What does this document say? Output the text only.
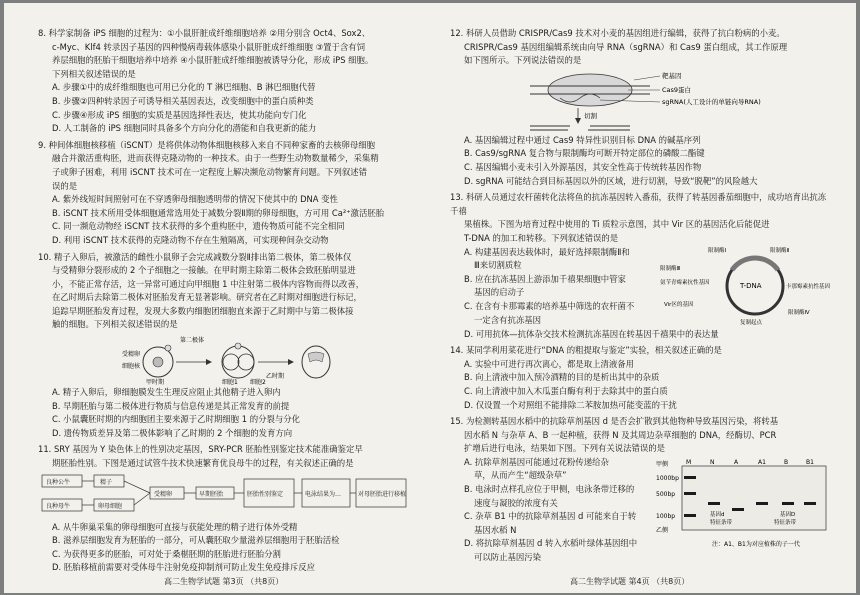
8. 科学家制备 iPS 细胞的过程为：①小鼠肝脏成纤维细胞培养 ②用分别含 Oct4、Sox2、

c-Myc、Klf4 转录因子基因的四种慢病毒载体感染小鼠肝脏成纤维细胞 ③置于含有饲

养层细胞的胚胎干细胞培养中培养 ④小鼠肝脏成纤维细胞被诱导分化，形成 iPS 细胞。

下列相关叙述错误的是

A. 步骤①中的成纤维细胞也可用已分化的 T 淋巴细胞、B 淋巴细胞代替

B. 步骤②四种转录因子可诱导相关基因表达，改变细胞中的蛋白质种类

C. 步骤④形成 iPS 细胞的实质是基因选择性表达，使其功能向专门化

D. 人工制备的 iPS 细胞同时具备多个方向分化的潜能和自我更新的能力

9. 种间体细胞核移植（iSCNT）是将供体动物体细胞核移入来自不同种家畜的去核卵母细胞

融合并激活重构胚，进而获得克隆动物的一种技术。由于一些野生动物数量稀少，采集精

子或卵子困难，利用 iSCNT 技术可在一定程度上解决濒危动物繁育问题。下列叙述错

误的是

A. 紫外线短时间照射可在不穿透卵母细胞透明带的情况下使其中的 DNA 变性

B. iSCNT 技术所用受体细胞通常选用处于减数分裂Ⅱ期的卵母细胞，方可用 Ca²⁺激活胚胎

C. 同一濒危动物经 iSCNT 技术获得的多个重构胚中，遗传物质可能不完全相同

D. 利用 iSCNT 技术获得的克隆动物不存在生殖隔离，可实现种间杂交动物

10. 精子入卵后，被激活的雌性小鼠卵子会完成减数分裂Ⅱ排出第二极体，第二极体仅

与受精卵分裂形成的 2 个子细胞之一接触。在甲时期主除第二极体会致胚胎明显进

小，不能正常存活，这一异常可通过向甲细胞 1 中注射第二极体内容物而得以改善，

在乙时期后去除第二极体对胚胎发育无显著影响。研究者在乙时期对细胞进行标记，

追踪早期胚胎发育过程，发现大多数内细胞团细胞直来源于乙时期中与第二极体接

触的细胞。下列相关叙述错误的是

第二极体
受精卵
细胞核
细胞1 细胞2
甲时期
乙时期

A. 精子入卵后，卵细胞膜发生生理反应阻止其他精子进入卵内

B. 早期胚胎与第二极体进行物质与信息传递是其正常发育的前提

C. 小鼠囊胚时期的内细胞团主要来源于乙时期细胞 1 的分裂与分化

D. 遗传物质差异及第二极体影响了乙时期的 2 个细胞的发育方向

11. SRY 基因为 Y 染色体上的性别决定基因，SRY-PCR 胚胎性别鉴定技术能准确鉴定早

期胚胎性别。下图是通过试管牛技术快速繁育优良母牛的过程，有关叙述正确的是

良种公牛	精子
良种母牛	卵母细胞
受精卵	早期胚胎	胚胎性别鉴定	电泳结果为…	对母胚胎进行移植

A. 从牛卵巢采集的卵母细胞可直接与获能处理的精子进行体外受精

B. 滋养层细胞发育为胚胎的一部分，可从囊胚取少量滋养层细胞用于胚胎活检

C. 为获得更多的胚胎，可对处于桑椹胚期的胚胎进行胚胎分割

D. 胚胎移植前需要对受体母牛注射免疫抑制剂可防止发生免疫排斥反应

高二生物学试题 第3页 （共8页）

12. 科研人员借助 CRISPR/Cas9 技术对小麦的基因组进行编辑，获得了抗白粉病的小麦。

CRISPR/Cas9 基因组编辑系统由向导 RNA（sgRNA）和 Cas9 蛋白组成，其工作原理

如下图所示。下列说法错误的是

靶基因
Cas9蛋白
sgRNA(人工设计的单链向导RNA)
切割

A. 基因编辑过程中通过 Cas9 特异性识别目标 DNA 的碱基序列

B. Cas9/sgRNA 复合物与限制酶均可断开特定部位的磷酸二酯键

C. 基因编辑小麦未引入外源基因，其安全性高于传统转基因作物

D. sgRNA 可能结合到目标基因以外的区域，进行切割，导致“脱靶”的风险越大

13. 科研人员通过农杆菌转化法将鱼的抗冻基因转入番茄，获得了转基因番茄细胞中，成功培育出抗冻千禧

果植株。下图为培育过程中使用的 Ti 质粒示意图，其中 Vir 区的基因活化后能促进

T-DNA 的加工和转移。下列叙述错误的是

A. 构建基因表达载体时，最好选择限制酶Ⅱ和

Ⅲ来切割质粒

B. 应在抗冻基因上游添加千禧果细胞中管家

基因的启动子

C. 在含有卡那霉素的培养基中筛选的农杆菌不

一定含有抗冻基因

T-DNA
限制酶Ⅰ	限制酶Ⅱ
限制酶Ⅲ
限制酶Ⅳ
氨苄青霉素抗性基因
Vir区的基因
卡那霉素抗性基因
复制起点

D. 可用抗体—抗体杂交技术检测抗冻基因在转基因千禧果中的表达量

14. 某同学利用菜花进行“DNA 的粗提取与鉴定”实验，相关叙述正确的是

A. 实验中可进行再次离心，都是取上清液备用

B. 向上清液中加入预冷酒精的目的是析出其中的杂质

C. 向上清液中加入木瓜蛋白酶有利于去除其中的蛋白质

D. 仅设置一个对照组不能排除二苯胺加热可能变蓝的干扰

15. 为检测转基因水稻中的抗除草剂基因 d 是否会扩散到其他物种导致基因污染，将转基

因水稻 N 与杂草 A、B 一起种植，获得 N 及其周边杂草细胞的 DNA，经酶切、PCR

扩增后进行电泳，结果如下图。下列有关说法错误的是

A. 抗除草剂基因可能通过花粉传递给杂

草，从而产生“超级杂草”

B. 电泳时点样孔应位于甲侧，电泳条带迁移的

速度与凝胶的浓度有关

C. 杂草 B1 中的抗除草剂基因 d 可能来自于转

基因水稻 N

D. 将抗除草剂基因 d 转入水稻叶绿体基因组中

可以防止基因污染

甲侧
乙侧
M	N	A	A1	B	B1
1000bp
500bp
100bp	基因d
特征条带
基因D
特征条带
注：A1、B1为对应植株的子一代
高二生物学试题 第4页 （共8页）
